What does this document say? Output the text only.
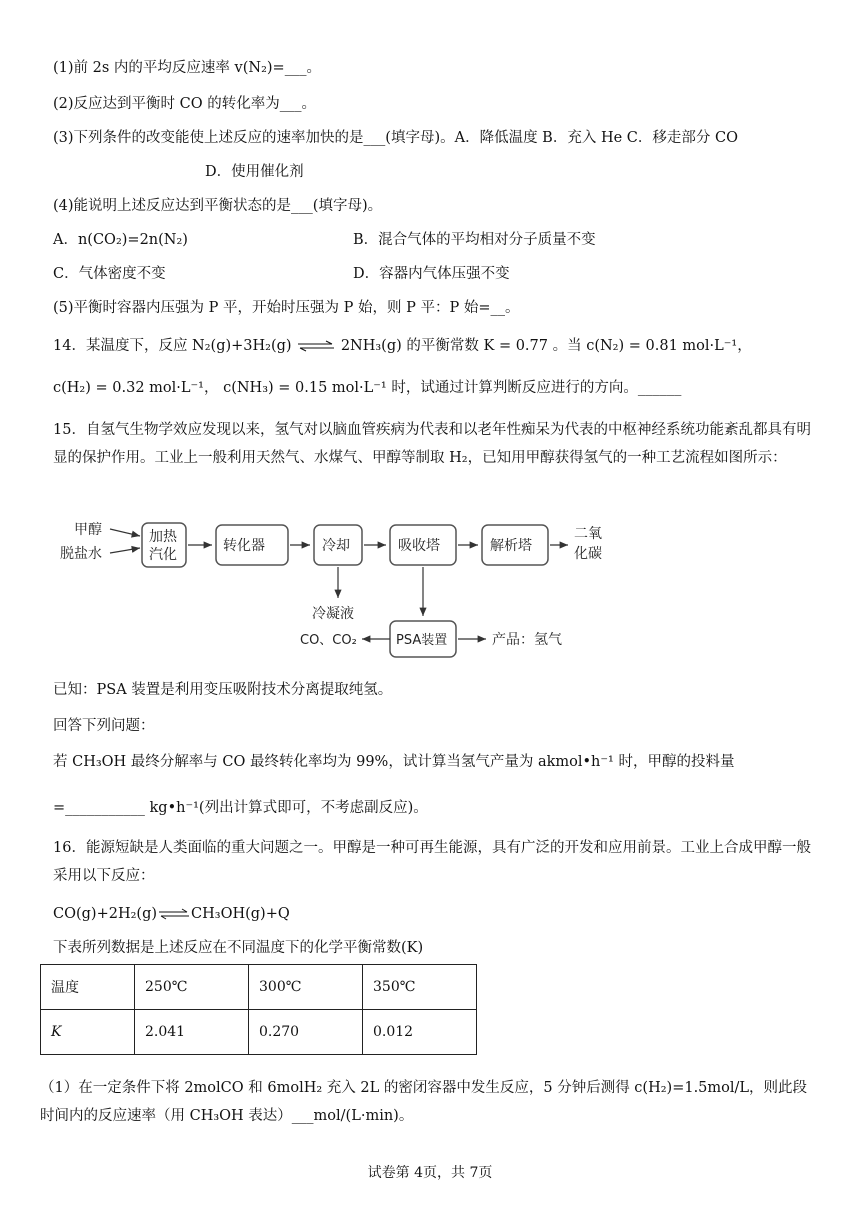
(1)前 2s 内的平均反应速率 v(N₂)=___。
(2)反应达到平衡时 CO 的转化率为___。
(3)下列条件的改变能使上述反应的速率加快的是___(填字母)。A．降低温度 B．充入 He C．移走部分 CO
D．使用催化剂
(4)能说明上述反应达到平衡状态的是___(填字母)。
A．n(CO₂)=2n(N₂)	B．混合气体的平均相对分子质量不变
C．气体密度不变	D．容器内气体压强不变
(5)平衡时容器内压强为 P 平，开始时压强为 P 始，则 P 平：P 始=__。
14．某温度下，反应 N₂(g)+3H₂(g) ⇌ 2NH₃(g) 的平衡常数 K = 0.77 。当 c(N₂) = 0.81 mol·L⁻¹，
c(H₂) = 0.32 mol·L⁻¹， c(NH₃) = 0.15 mol·L⁻¹ 时，试通过计算判断反应进行的方向。______
15．自氢气生物学效应发现以来，氢气对以脑血管疾病为代表和以老年性痴呆为代表的中枢神经系统功能紊乱都具有明显的保护作用。工业上一般利用天然气、水煤气、甲醇等制取 H₂，已知用甲醇获得氢气的一种工艺流程如图所示：
甲醇
脱盐水
加热
汽化
转化器	冷却	吸收塔	解析塔
二氧
化碳
冷凝液
PSA装置
CO、CO₂	产品：氢气
已知：PSA 装置是利用变压吸附技术分离提取纯氢。
回答下列问题：
若 CH₃OH 最终分解率与 CO 最终转化率均为 99%，试计算当氢气产量为 akmol•h⁻¹ 时，甲醇的投料量
=___________ kg•h⁻¹(列出计算式即可，不考虑副反应)。
16．能源短缺是人类面临的重大问题之一。甲醇是一种可再生能源，具有广泛的开发和应用前景。工业上合成甲醇一般采用以下反应：
CO(g)+2H₂(g)⇌CH₃OH(g)+Q
下表所列数据是上述反应在不同温度下的化学平衡常数(K)
温度	250℃	300℃	350℃
K	2.041	0.270	0.012
（1）在一定条件下将 2molCO 和 6molH₂ 充入 2L 的密闭容器中发生反应，5 分钟后测得 c(H₂)=1.5mol/L，则此段时间内的反应速率（用 CH₃OH 表达）___mol/(L·min)。
试卷第 4页，共 7页
